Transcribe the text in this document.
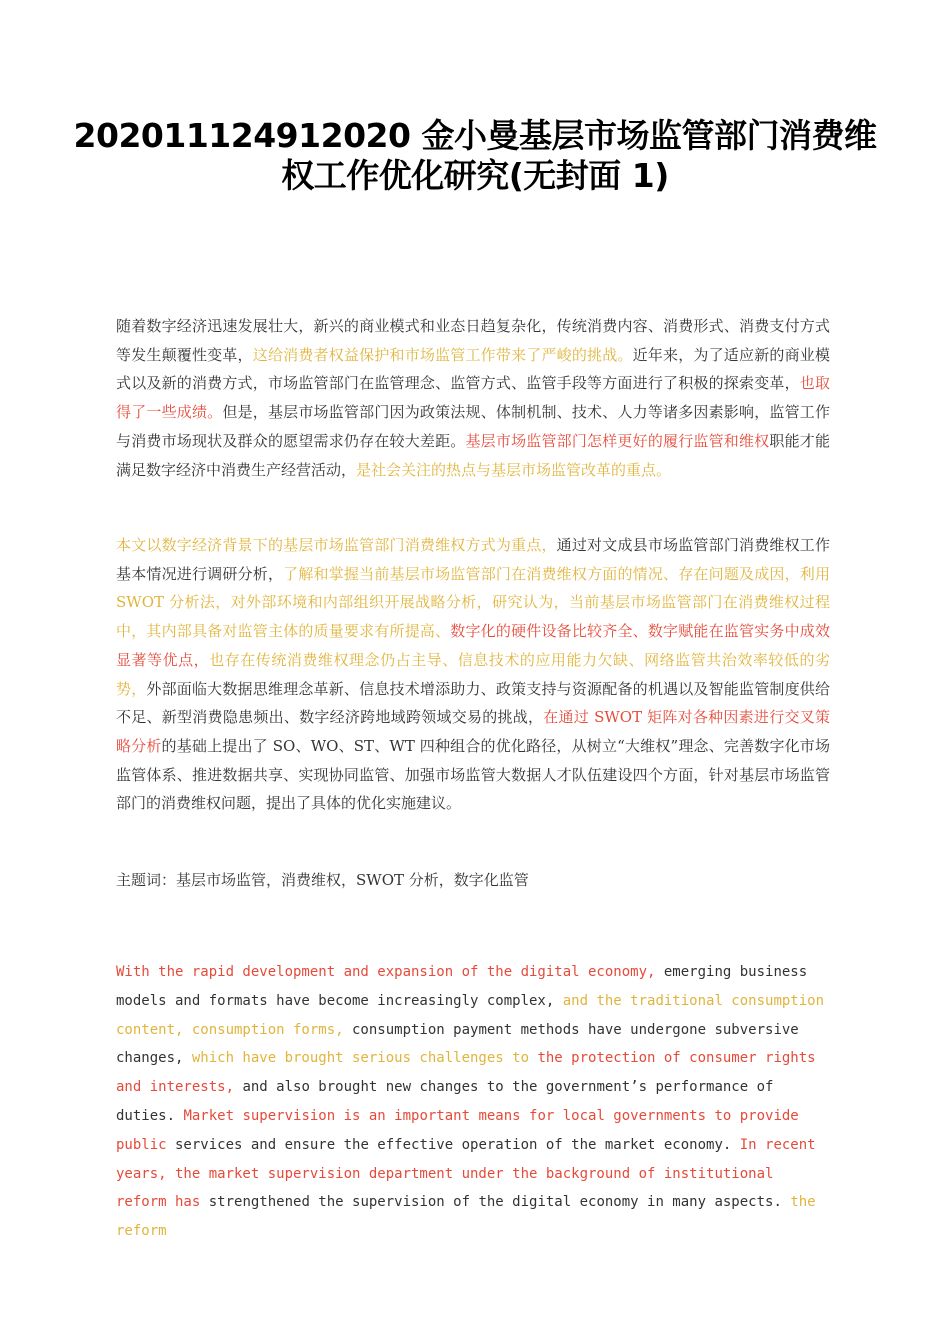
202011124912020 金小曼基层市场监管部门消费维权工作优化研究(无封面 1)
随着数字经济迅速发展壮大，新兴的商业模式和业态日趋复杂化，传统消费内容、消费形式、消费支付方式等发生颠覆性变革，这给消费者权益保护和市场监管工作带来了严峻的挑战。近年来，为了适应新的商业模式以及新的消费方式，市场监管部门在监管理念、监管方式、监管手段等方面进行了积极的探索变革，也取得了一些成绩。但是，基层市场监管部门因为政策法规、体制机制、技术、人力等诸多因素影响，监管工作与消费市场现状及群众的愿望需求仍存在较大差距。基层市场监管部门怎样更好的履行监管和维权职能才能满足数字经济中消费生产经营活动，是社会关注的热点与基层市场监管改革的重点。
本文以数字经济背景下的基层市场监管部门消费维权方式为重点，通过对文成县市场监管部门消费维权工作基本情况进行调研分析，了解和掌握当前基层市场监管部门在消费维权方面的情况、存在问题及成因，利用 SWOT 分析法，对外部环境和内部组织开展战略分析，研究认为，当前基层市场监管部门在消费维权过程中，其内部具备对监管主体的质量要求有所提高、数字化的硬件设备比较齐全、数字赋能在监管实务中成效显著等优点，也存在传统消费维权理念仍占主导、信息技术的应用能力欠缺、网络监管共治效率较低的劣势，外部面临大数据思维理念革新、信息技术增添助力、政策支持与资源配备的机遇以及智能监管制度供给不足、新型消费隐患频出、数字经济跨地域跨领域交易的挑战，在通过 SWOT 矩阵对各种因素进行交叉策略分析的基础上提出了 SO、WO、ST、WT 四种组合的优化路径，从树立“大维权”理念、完善数字化市场监管体系、推进数据共享、实现协同监管、加强市场监管大数据人才队伍建设四个方面，针对基层市场监管部门的消费维权问题，提出了具体的优化实施建议。
主题词：基层市场监管，消费维权，SWOT 分析，数字化监管
With the rapid development and expansion of the digital economy, emerging business models and formats have become increasingly complex, and the traditional consumption content, consumption forms, consumption payment methods have undergone subversive changes, which have brought serious challenges to the protection of consumer rights and interests, and also brought new changes to the government’s performance of duties. Market supervision is an important means for local governments to provide public services and ensure the effective operation of the market economy. In recent years, the market supervision department under the background of institutional reform has strengthened the supervision of the digital economy in many aspects. the reform
